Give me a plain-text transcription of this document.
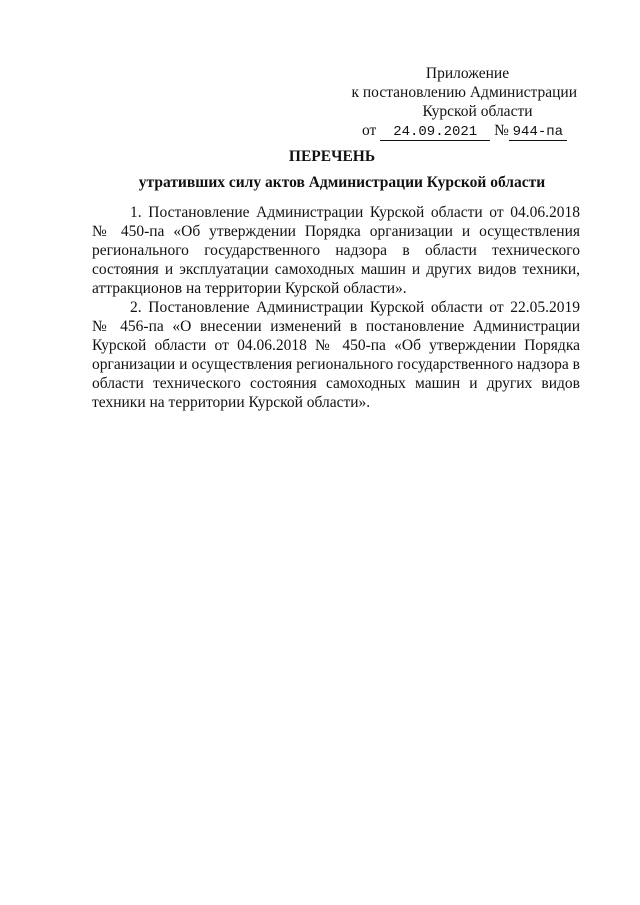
Приложение
к постановлению Администрации
Курской области
от 24.09.2021 № 944-па
ПЕРЕЧЕНЬ
утративших силу актов Администрации Курской области

1. Постановление Администрации Курской области от 04.06.2018 № 450-па «Об утверждении Порядка организации и осуществления регионального государственного надзора в области технического состояния и эксплуатации самоходных машин и других видов техники, аттракционов на территории Курской области».

2. Постановление Администрации Курской области от 22.05.2019 № 456-па «О внесении изменений в постановление Администрации Курской области от 04.06.2018 № 450-па «Об утверждении Порядка организации и осуществления регионального государственного надзора в области технического состояния самоходных машин и других видов техники на территории Курской области».
